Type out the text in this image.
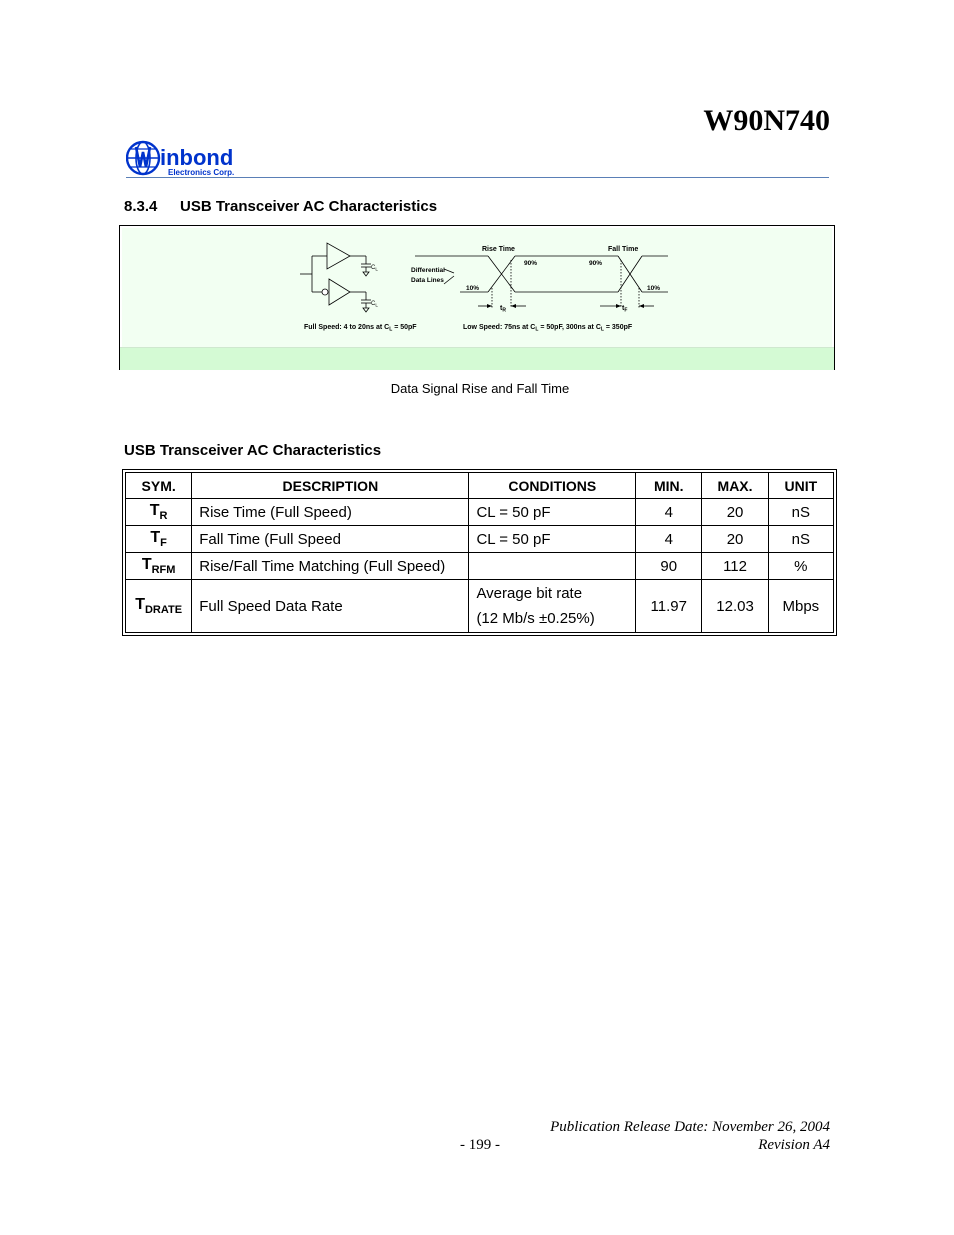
W90N740
inbond
Electronics Corp.
8.3.4 USB Transceiver AC Characteristics
$C_L$
$C_L$
Rise Time	Fall Time
90%	90%
10%	10%
Differential
Data Lines
$t_R$	$t_F$
Full Speed: 4 to 20ns at $C_L = 50pF$	Low Speed: 75ns at $C_L = 50pF$, 300ns at $C_L = 350pF$
Data Signal Rise and Fall Time
USB Transceiver AC Characteristics
SYM.	DESCRIPTION	CONDITIONS	MIN.	MAX.	UNIT
$T_R$	Rise Time (Full Speed)	CL = 50 pF	4	20	nS
$T_F$	Fall Time (Full Speed	CL = 50 pF	4	20	nS
$T_{RFM}$	Rise/Fall Time Matching (Full Speed)		90	112	%
$T_{DRATE}$	Full Speed Data Rate	Average bit rate
(12 Mb/s ±0.25%)	11.97	12.03	Mbps
Publication Release Date: November 26, 2004
- 199 -	Revision A4
